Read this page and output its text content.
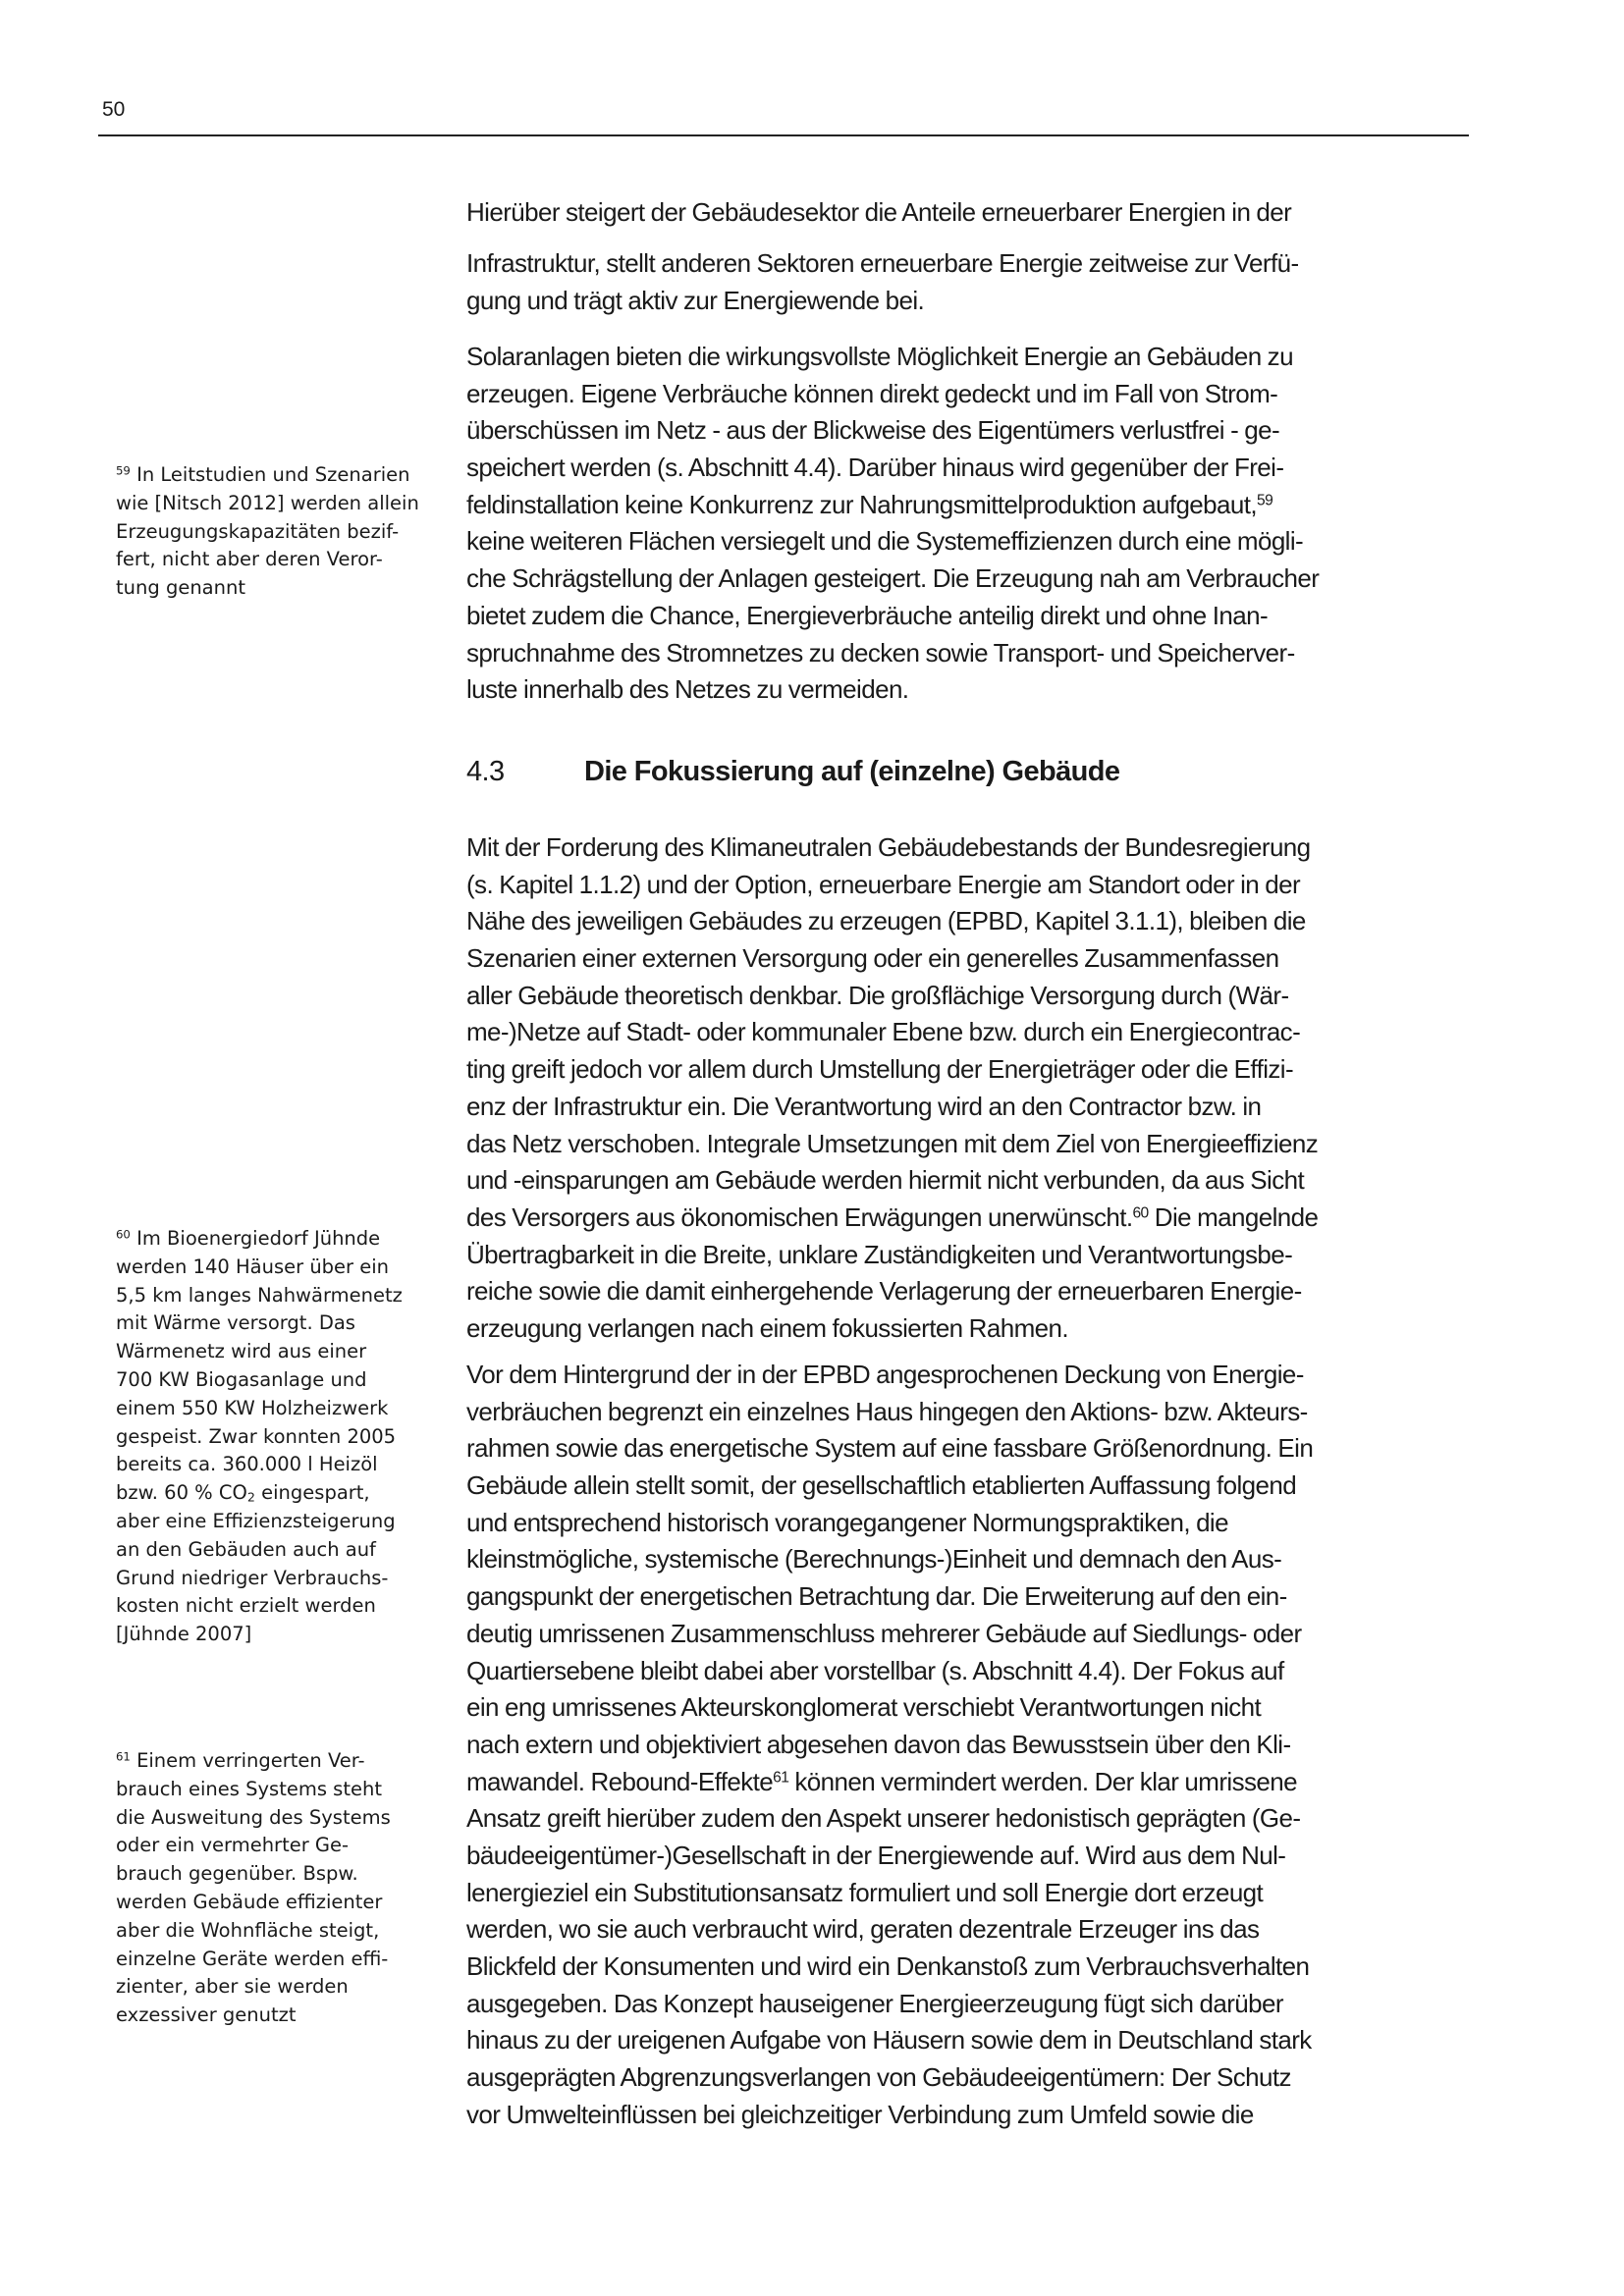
50
Hierüber steigert der Gebäudesektor die Anteile erneuerbarer Energien in der
Infrastruktur, stellt anderen Sektoren erneuerbare Energie zeitweise zur Verfü-
gung und trägt aktiv zur Energiewende bei.
Solaranlagen bieten die wirkungsvollste Möglichkeit Energie an Gebäuden zu
erzeugen. Eigene Verbräuche können direkt gedeckt und im Fall von Strom-
überschüssen im Netz - aus der Blickweise des Eigentümers verlustfrei - ge-
speichert werden (s. Abschnitt 4.4). Darüber hinaus wird gegenüber der Frei-
feldinstallation keine Konkurrenz zur Nahrungsmittelproduktion aufgebaut,$^{59}$
keine weiteren Flächen versiegelt und die Systemeffizienzen durch eine mögli-
che Schrägstellung der Anlagen gesteigert. Die Erzeugung nah am Verbraucher
bietet zudem die Chance, Energieverbräuche anteilig direkt und ohne Inan-
spruchnahme des Stromnetzes zu decken sowie Transport- und Speicherver-
luste innerhalb des Netzes zu vermeiden.
4.3	Die Fokussierung auf (einzelne) Gebäude
Mit der Forderung des Klimaneutralen Gebäudebestands der Bundesregierung
(s. Kapitel 1.1.2) und der Option, erneuerbare Energie am Standort oder in der
Nähe des jeweiligen Gebäudes zu erzeugen (EPBD, Kapitel 3.1.1), bleiben die
Szenarien einer externen Versorgung oder ein generelles Zusammenfassen
aller Gebäude theoretisch denkbar. Die großflächige Versorgung durch (Wär-
me-)Netze auf Stadt- oder kommunaler Ebene bzw. durch ein Energiecontrac-
ting greift jedoch vor allem durch Umstellung der Energieträger oder die Effizi-
enz der Infrastruktur ein. Die Verantwortung wird an den Contractor bzw. in
das Netz verschoben. Integrale Umsetzungen mit dem Ziel von Energieeffizienz
und -einsparungen am Gebäude werden hiermit nicht verbunden, da aus Sicht
des Versorgers aus ökonomischen Erwägungen unerwünscht.$^{60}$ Die mangelnde
Übertragbarkeit in die Breite, unklare Zuständigkeiten und Verantwortungsbe-
reiche sowie die damit einhergehende Verlagerung der erneuerbaren Energie-
erzeugung verlangen nach einem fokussierten Rahmen.
Vor dem Hintergrund der in der EPBD angesprochenen Deckung von Energie-
verbräuchen begrenzt ein einzelnes Haus hingegen den Aktions- bzw. Akteurs-
rahmen sowie das energetische System auf eine fassbare Größenordnung. Ein
Gebäude allein stellt somit, der gesellschaftlich etablierten Auffassung folgend
und entsprechend historisch vorangegangener Normungspraktiken, die
kleinstmögliche, systemische (Berechnungs-)Einheit und demnach den Aus-
gangspunkt der energetischen Betrachtung dar. Die Erweiterung auf den ein-
deutig umrissenen Zusammenschluss mehrerer Gebäude auf Siedlungs- oder
Quartiersebene bleibt dabei aber vorstellbar (s. Abschnitt 4.4). Der Fokus auf
ein eng umrissenes Akteurskonglomerat verschiebt Verantwortungen nicht
nach extern und objektiviert abgesehen davon das Bewusstsein über den Kli-
mawandel. Rebound-Effekte$^{61}$ können vermindert werden. Der klar umrissene
Ansatz greift hierüber zudem den Aspekt unserer hedonistisch geprägten (Ge-
bäudeeigentümer-)Gesellschaft in der Energiewende auf. Wird aus dem Nul-
lenergieziel ein Substitutionsansatz formuliert und soll Energie dort erzeugt
werden, wo sie auch verbraucht wird, geraten dezentrale Erzeuger ins das
Blickfeld der Konsumenten und wird ein Denkanstoß zum Verbrauchsverhalten
ausgegeben. Das Konzept hauseigener Energieerzeugung fügt sich darüber
hinaus zu der ureigenen Aufgabe von Häusern sowie dem in Deutschland stark
ausgeprägten Abgrenzungsverlangen von Gebäudeeigentümern: Der Schutz
vor Umwelteinflüssen bei gleichzeitiger Verbindung zum Umfeld sowie die
$^{59}$ In Leitstudien und Szenarien
wie [Nitsch 2012] werden allein
Erzeugungskapazitäten bezif-
fert, nicht aber deren Veror-
tung genannt
$^{60}$ Im Bioenergiedorf Jühnde
werden 140 Häuser über ein
5,5 km langes Nahwärmenetz
mit Wärme versorgt. Das
Wärmenetz wird aus einer
700 KW Biogasanlage und
einem 550 KW Holzheizwerk
gespeist. Zwar konnten 2005
bereits ca. 360.000 l Heizöl
bzw. 60 % $CO_2$ eingespart,
aber eine Effizienzsteigerung
an den Gebäuden auch auf
Grund niedriger Verbrauchs-
kosten nicht erzielt werden
[Jühnde 2007]
$^{61}$ Einem verringerten Ver-
brauch eines Systems steht
die Ausweitung des Systems
oder ein vermehrter Ge-
brauch gegenüber. Bspw.
werden Gebäude effizienter
aber die Wohnfläche steigt,
einzelne Geräte werden effi-
zienter, aber sie werden
exzessiver genutzt
